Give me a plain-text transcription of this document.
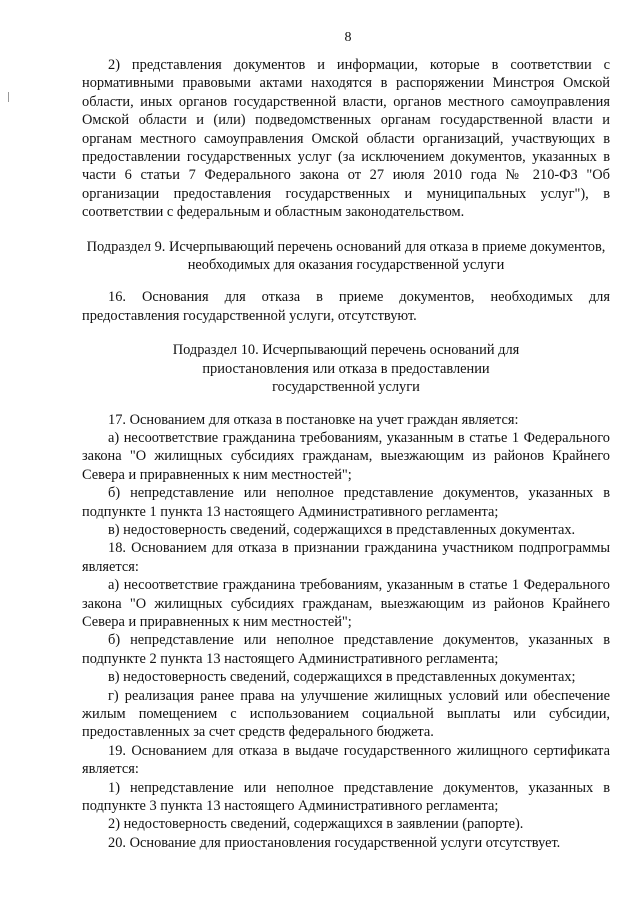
8

2) представления документов и информации, которые в соответствии с нормативными правовыми актами находятся в распоряжении Минстроя Омской области, иных органов государственной власти, органов местного самоуправления Омской области и (или) подведомственных органам государственной власти и органам местного самоуправления Омской области организаций, участвующих в предоставлении государственных услуг (за исключением документов, указанных в части 6 статьи 7 Федерального закона от 27 июля 2010 года № 210-ФЗ "Об организации предоставления государственных и муниципальных услуг"), в соответствии с федеральным и областным законодательством.

Подраздел 9. Исчерпывающий перечень оснований для отказа в приеме документов, необходимых для оказания государственной услуги

16. Основания для отказа в приеме документов, необходимых для предоставления государственной услуги, отсутствуют.

Подраздел 10. Исчерпывающий перечень оснований для приостановления или отказа в предоставлении государственной услуги

17. Основанием для отказа в постановке на учет граждан является:

а) несоответствие гражданина требованиям, указанным в статье 1 Федерального закона "О жилищных субсидиях гражданам, выезжающим из районов Крайнего Севера и приравненных к ним местностей";

б) непредставление или неполное представление документов, указанных в подпункте 1 пункта 13 настоящего Административного регламента;

в) недостоверность сведений, содержащихся в представленных документах.

18. Основанием для отказа в признании гражданина участником подпрограммы является:

а) несоответствие гражданина требованиям, указанным в статье 1 Федерального закона "О жилищных субсидиях гражданам, выезжающим из районов Крайнего Севера и приравненных к ним местностей";

б) непредставление или неполное представление документов, указанных в подпункте 2 пункта 13 настоящего Административного регламента;

в) недостоверность сведений, содержащихся в представленных документах;

г) реализация ранее права на улучшение жилищных условий или обеспечение жилым помещением с использованием социальной выплаты или субсидии, предоставленных за счет средств федерального бюджета.

19. Основанием для отказа в выдаче государственного жилищного сертификата является:

1) непредставление или неполное представление документов, указанных в подпункте 3 пункта 13 настоящего Административного регламента;

2) недостоверность сведений, содержащихся в заявлении (рапорте).

20. Основание для приостановления государственной услуги отсутствует.
